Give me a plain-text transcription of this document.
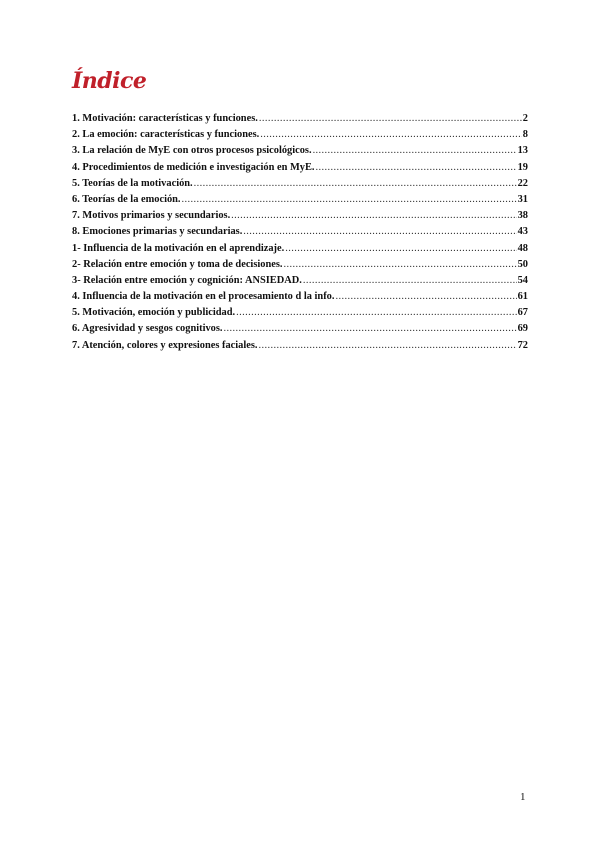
Índice
1. Motivación: características y funciones. .....	2
2. La emoción: características y funciones. .....	8
3. La relación de MyE con otros procesos psicológicos. .....	13
4. Procedimientos de medición e investigación en MyE. .....	19
5. Teorías de la motivación. .....	22
6. Teorías de la emoción. .....	31
7. Motivos primarios y secundarios. .....	38
8. Emociones primarias y secundarias. .....	43
1- Influencia de la motivación en el aprendizaje. .....	48
2- Relación entre emoción y toma de decisiones. .....	50
3- Relación entre emoción y cognición: ANSIEDAD. .....	54
4. Influencia de la motivación en el procesamiento d la info. .....	61
5. Motivación, emoción y publicidad. .....	67
6. Agresividad y sesgos cognitivos. .....	69
7. Atención, colores y expresiones faciales. .....	72
1
